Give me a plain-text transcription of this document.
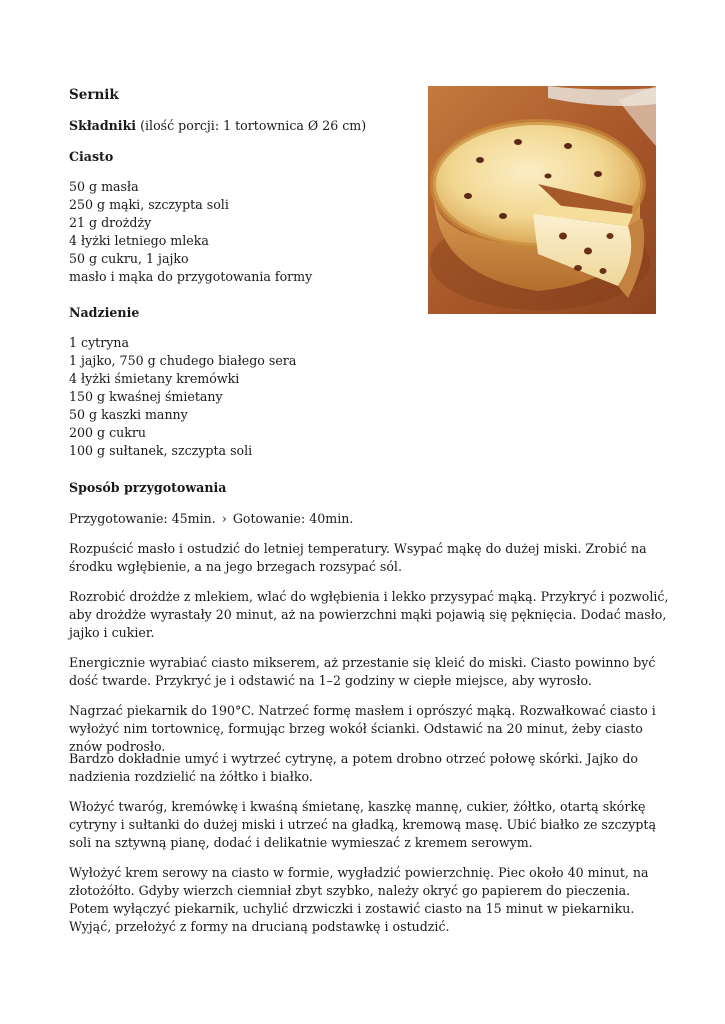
Sernik

Składniki (ilość porcji: 1 tortownica Ø 26 cm)

Ciasto

50 g masła
250 g mąki, szczypta soli
21 g drożdży
4 łyżki letniego mleka
50 g cukru, 1 jajko
masło i mąka do przygotowania formy

Nadzienie

1 cytryna
1 jajko, 750 g chudego białego sera
4 łyżki śmietany kremówki
150 g kwaśnej śmietany
50 g kaszki manny
200 g cukru
100 g sułtanek, szczypta soli

Sposób przygotowania

Przygotowanie: 45min. › Gotowanie: 40min.

Rozpuścić masło i ostudzić do letniej temperatury. Wsypać mąkę do dużej miski. Zrobić na środku wgłębienie, a na jego brzegach rozsypać sól.

Rozrobić drożdże z mlekiem, wlać do wgłębienia i lekko przysypać mąką. Przykryć i pozwolić, aby drożdże wyrastały 20 minut, aż na powierzchni mąki pojawią się pęknięcia. Dodać masło, jajko i cukier.

Energicznie wyrabiać ciasto mikserem, aż przestanie się kleić do miski. Ciasto powinno być dość twarde. Przykryć je i odstawić na 1–2 godziny w ciepłe miejsce, aby wyrosło.

Nagrzać piekarnik do 190°C. Natrzeć formę masłem i oprószyć mąką. Rozwałkować ciasto i wyłożyć nim tortownicę, formując brzeg wokół ścianki. Odstawić na 20 minut, żeby ciasto znów podrosło.

Bardzo dokładnie umyć i wytrzeć cytrynę, a potem drobno otrzeć połowę skórki. Jajko do nadzienia rozdzielić na żółtko i białko.

Włożyć twaróg, kremówkę i kwaśną śmietanę, kaszkę mannę, cukier, żółtko, otartą skórkę cytryny i sułtanki do dużej miski i utrzeć na gładką, kremową masę. Ubić białko ze szczyptą soli na sztywną pianę, dodać i delikatnie wymieszać z kremem serowym.

Wyłożyć krem serowy na ciasto w formie, wygładzić powierzchnię. Piec około 40 minut, na złotożółto. Gdyby wierzch ciemniał zbyt szybko, należy okryć go papierem do pieczenia. Potem wyłączyć piekarnik, uchylić drzwiczki i zostawić ciasto na 15 minut w piekarniku. Wyjąć, przełożyć z formy na drucianą podstawkę i ostudzić.
